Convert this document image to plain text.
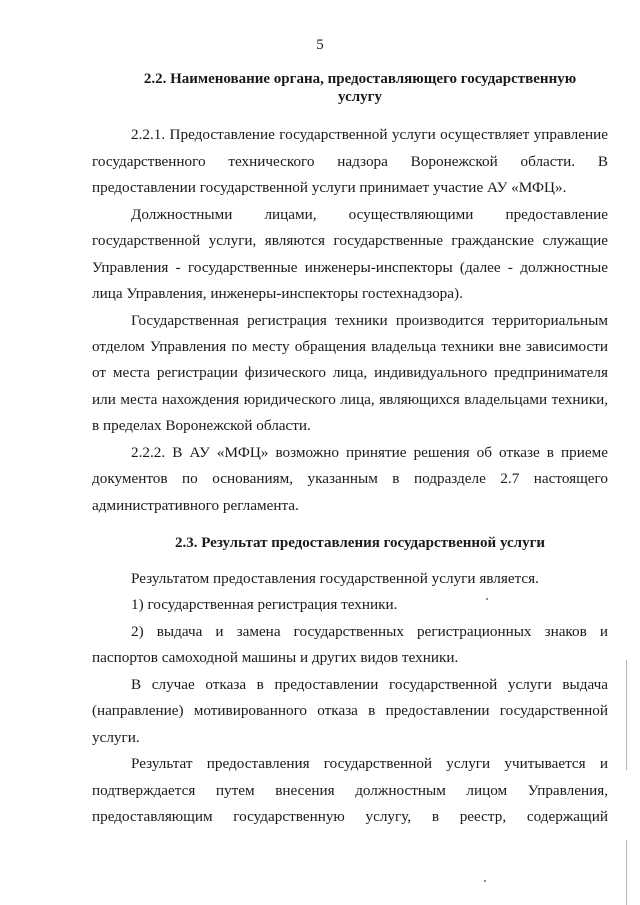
5
2.2. Наименование органа, предоставляющего государственную
услугу
2.2.1. Предоставление государственной услуги осуществляет управление
государственного технического надзора Воронежской области. В
предоставлении государственной услуги принимает участие АУ «МФЦ».
Должностными лицами, осуществляющими предоставление
государственной услуги, являются государственные гражданские служащие
Управления - государственные инженеры-инспекторы (далее - должностные
лица Управления, инженеры-инспекторы гостехнадзора).
Государственная регистрация техники производится территориальным
отделом Управления по месту обращения владельца техники вне зависимости
от места регистрации физического лица, индивидуального предпринимателя
или места нахождения юридического лица, являющихся владельцами техники,
в пределах Воронежской области.
2.2.2. В АУ «МФЦ» возможно принятие решения об отказе в приеме
документов по основаниям, указанным в подразделе 2.7 настоящего
административного регламента.
2.3. Результат предоставления государственной услуги
Результатом предоставления государственной услуги является.
1) государственная регистрация техники.
2) выдача и замена государственных регистрационных знаков и
паспортов самоходной машины и других видов техники.
В случае отказа в предоставлении государственной услуги выдача
(направление) мотивированного отказа в предоставлении государственной
услуги.
Результат предоставления государственной услуги учитывается и
подтверждается путем внесения должностным лицом Управления,
предоставляющим государственную услугу, в реестр, содержащий
